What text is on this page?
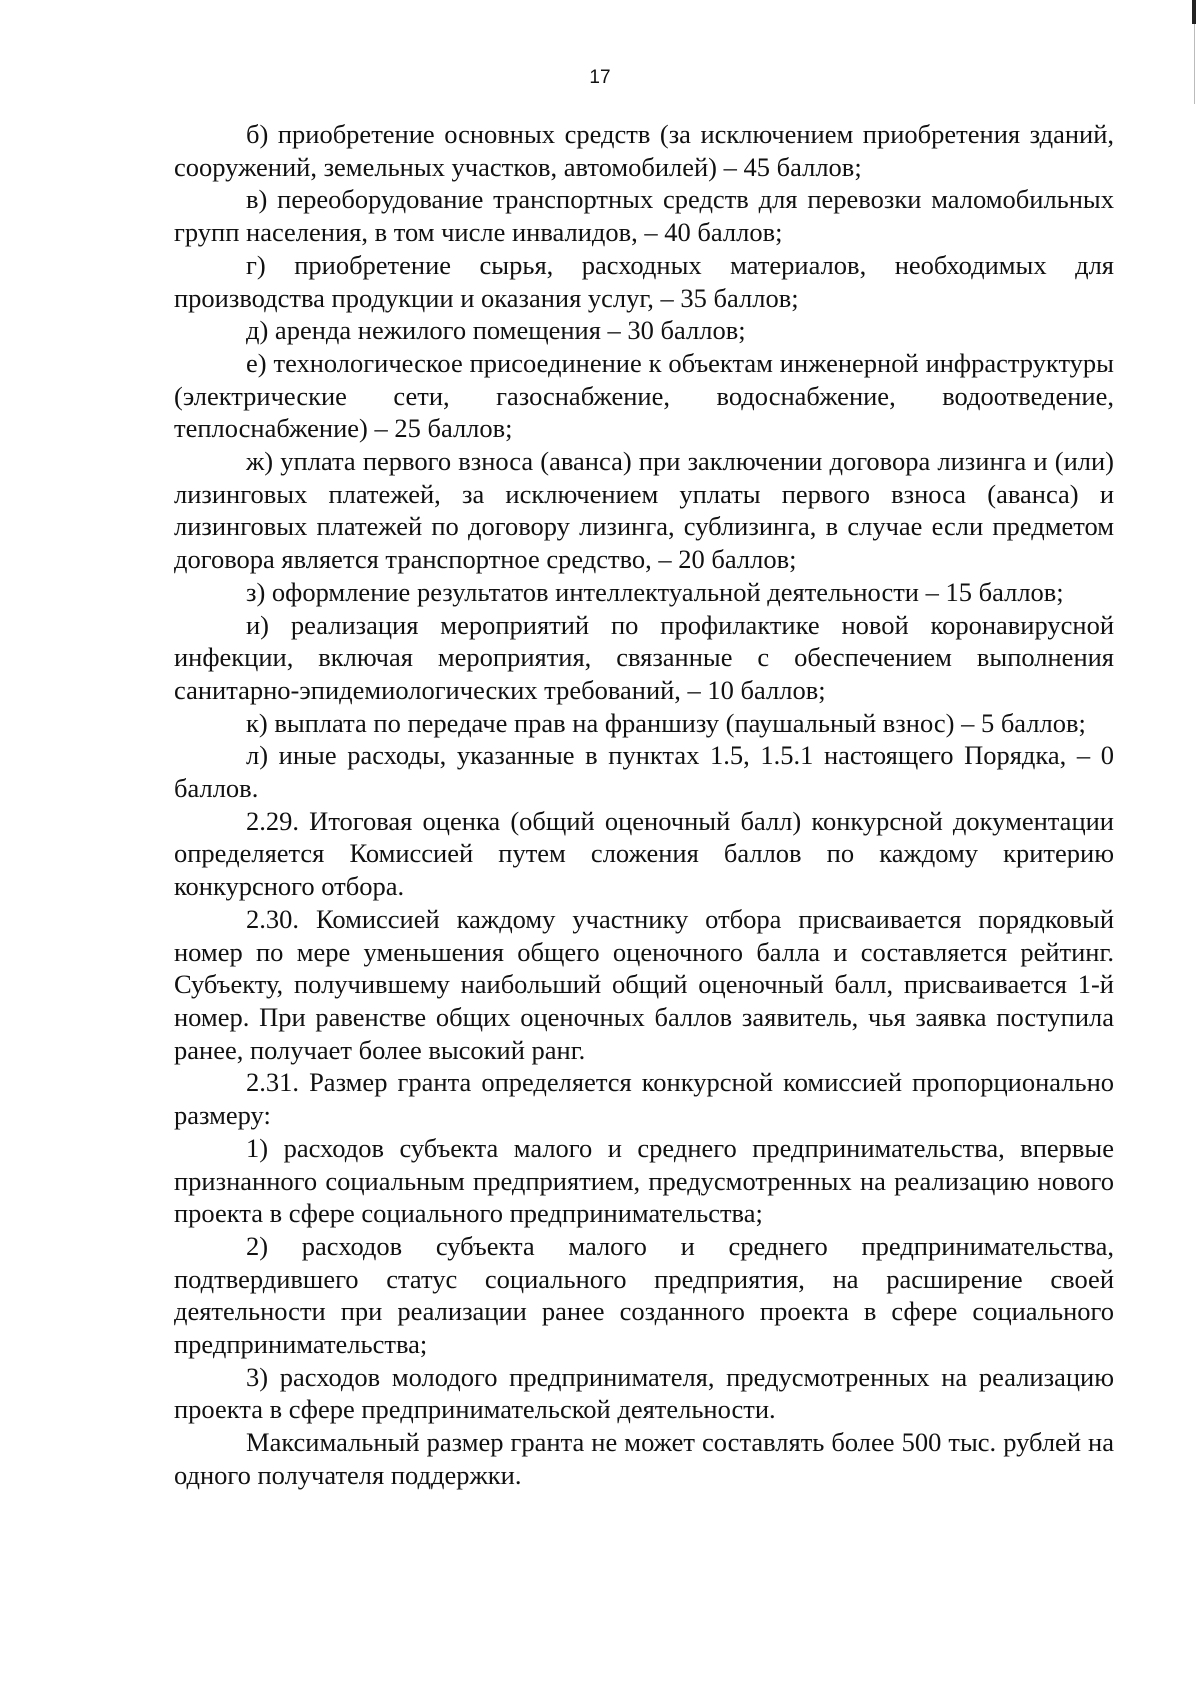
17

б) приобретение основных средств (за исключением приобретения зданий, сооружений, земельных участков, автомобилей) – 45 баллов;

в) переоборудование транспортных средств для перевозки маломобильных групп населения, в том числе инвалидов, – 40 баллов;

г) приобретение сырья, расходных материалов, необходимых для производства продукции и оказания услуг, – 35 баллов;

д) аренда нежилого помещения – 30 баллов;

е) технологическое присоединение к объектам инженерной инфраструктуры (электрические сети, газоснабжение, водоснабжение, водоотведение, теплоснабжение) – 25 баллов;

ж) уплата первого взноса (аванса) при заключении договора лизинга и (или) лизинговых платежей, за исключением уплаты первого взноса (аванса) и лизинговых платежей по договору лизинга, сублизинга, в случае если предметом договора является транспортное средство, – 20 баллов;

з) оформление результатов интеллектуальной деятельности – 15 баллов;

и) реализация мероприятий по профилактике новой коронавирусной инфекции, включая мероприятия, связанные с обеспечением выполнения санитарно-эпидемиологических требований, – 10 баллов;

к) выплата по передаче прав на франшизу (паушальный взнос) – 5 баллов;

л) иные расходы, указанные в пунктах 1.5, 1.5.1 настоящего Порядка, – 0 баллов.

2.29. Итоговая оценка (общий оценочный балл) конкурсной документации определяется Комиссией путем сложения баллов по каждому критерию конкурсного отбора.

2.30. Комиссией каждому участнику отбора присваивается порядковый номер по мере уменьшения общего оценочного балла и составляется рейтинг. Субъекту, получившему наибольший общий оценочный балл, присваивается 1-й номер. При равенстве общих оценочных баллов заявитель, чья заявка поступила ранее, получает более высокий ранг.

2.31. Размер гранта определяется конкурсной комиссией пропорционально размеру:

1) расходов субъекта малого и среднего предпринимательства, впервые признанного социальным предприятием, предусмотренных на реализацию нового проекта в сфере социального предпринимательства;

2) расходов субъекта малого и среднего предпринимательства, подтвердившего статус социального предприятия, на расширение своей деятельности при реализации ранее созданного проекта в сфере социального предпринимательства;

3) расходов молодого предпринимателя, предусмотренных на реализацию проекта в сфере предпринимательской деятельности.

Максимальный размер гранта не может составлять более 500 тыс. рублей на одного получателя поддержки.
